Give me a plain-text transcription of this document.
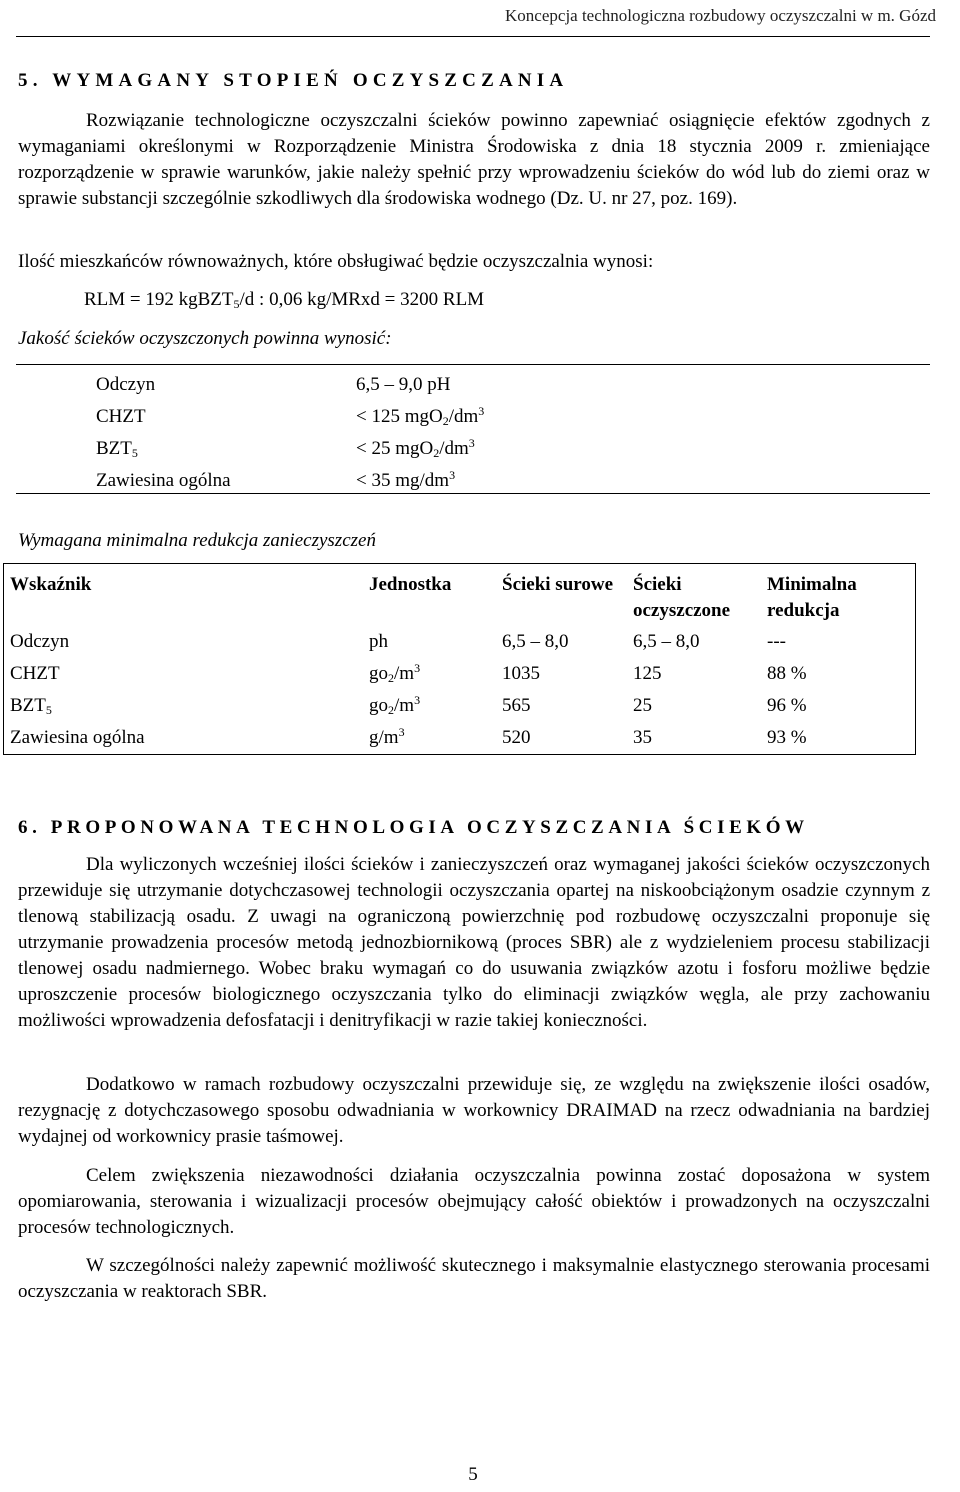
Koncepcja technologiczna rozbudowy oczyszczalni w m. Gózd
5. WYMAGANY STOPIEŃ OCZYSZCZANIA

Rozwiązanie technologiczne oczyszczalni ścieków powinno zapewniać osiągnięcie efektów zgodnych z wymaganiami określonymi w Rozporządzenie Ministra Środowiska z dnia 18 stycznia 2009 r. zmieniające rozporządzenie w sprawie warunków, jakie należy spełnić przy wprowadzeniu ścieków do wód lub do ziemi oraz w sprawie substancji szczególnie szkodliwych dla środowiska wodnego (Dz. U. nr 27, poz. 169).

Ilość mieszkańców równoważnych, które obsługiwać będzie oczyszczalnia wynosi:
RLM = 192 kgBZT$_5$/d : 0,06 kg/MRxd = 3200 RLM
Jakość ścieków oczyszczonych powinna wynosić:
Odczyn	6,5 – 9,0 pH
CHZT	< 125 $mgO_2/dm^3$
$BZT_5$	< 25 $mgO_2/dm^3$
Zawiesina ogólna	< 35 $mg/dm^3$
Wymagana minimalna redukcja zanieczyszczeń
Wskaźnik	Jednostka	Ścieki surowe	Ścieki oczyszczone	Minimalna redukcja
Odczyn	ph	6,5 – 8,0	6,5 – 8,0	---
CHZT	$go_2/m^3$	1035	125	88 %
$BZT_5$	$go_2/m^3$	565	25	96 %
Zawiesina ogólna	$g/m^3$	520	35	93 %
6. PROPONOWANA TECHNOLOGIA OCZYSZCZANIA ŚCIEKÓW

Dla wyliczonych wcześniej ilości ścieków i zanieczyszczeń oraz wymaganej jakości ścieków oczyszczonych przewiduje się utrzymanie dotychczasowej technologii oczyszczania opartej na niskoobciążonym osadzie czynnym z tlenową stabilizacją osadu. Z uwagi na ograniczoną powierzchnię pod rozbudowę oczyszczalni proponuje się utrzymanie prowadzenia procesów metodą jednozbiornikową (proces SBR) ale z wydzieleniem procesu stabilizacji tlenowej osadu nadmiernego. Wobec braku wymagań co do usuwania związków azotu i fosforu możliwe będzie uproszczenie procesów biologicznego oczyszczania tylko do eliminacji związków węgla, ale przy zachowaniu możliwości wprowadzenia defosfatacji i denitryfikacji w razie takiej konieczności.

Dodatkowo w ramach rozbudowy oczyszczalni przewiduje się, ze względu na zwiększenie ilości osadów, rezygnację z dotychczasowego sposobu odwadniania w workownicy DRAIMAD na rzecz odwadniania na bardziej wydajnej od workownicy prasie taśmowej.

Celem zwiększenia niezawodności działania oczyszczalnia powinna zostać doposażona w system opomiarowania, sterowania i wizualizacji procesów obejmujący całość obiektów i prowadzonych na oczyszczalni procesów technologicznych.

W szczególności należy zapewnić możliwość skutecznego i maksymalnie elastycznego sterowania procesami oczyszczania w reaktorach SBR.

5
